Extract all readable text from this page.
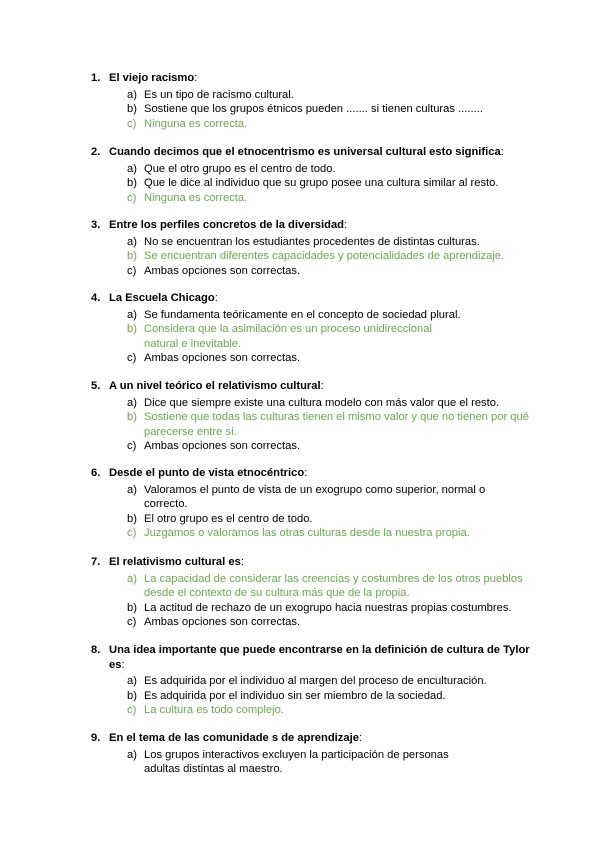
1. El viejo racismo:
a) Es un tipo de racismo cultural.
b) Sostiene que los grupos étnicos pueden ....... si tienen culturas ........
c) Ninguna es correcta.
2. Cuando decimos que el etnocentrismo es universal cultural esto significa:
a) Que el otro grupo es el centro de todo.
b) Que le dice al individuo que su grupo posee una cultura similar al resto.
c) Ninguna es correcta.
3. Entre los perfiles concretos de la diversidad:
a) No se encuentran los estudiantes procedentes de distintas culturas.
b) Se encuentran diferentes capacidades y potencialidades de aprendizaje.
c) Ambas opciones son correctas.
4. La Escuela Chicago:
a) Se fundamenta teóricamente en el concepto de sociedad plural.
b) Considera que la asimilación es un proceso unidireccional natural e inevitable.
c) Ambas opciones son correctas.
5. A un nivel teórico el relativismo cultural:
a) Dice que siempre existe una cultura modelo con más valor que el resto.
b) Sostiene que todas las culturas tienen el mismo valor y que no tienen por qué parecerse entre sí.
c) Ambas opciones son correctas.
6. Desde el punto de vista etnocéntrico:
a) Valoramos el punto de vista de un exogrupo como superior, normal o correcto.
b) El otro grupo es el centro de todo.
c) Juzgamos o valoramos las otras culturas desde la nuestra propia.
7. El relativismo cultural es:
a) La capacidad de considerar las creencias y costumbres de los otros pueblos desde el contexto de su cultura más que de la propia.
b) La actitud de rechazo de un exogrupo hacia nuestras propias costumbres.
c) Ambas opciones son correctas.
8. Una idea importante que puede encontrarse en la definición de cultura de Tylor es:
a) Es adquirida por el individuo al margen del proceso de enculturación.
b) Es adquirida por el individuo sin ser miembro de la sociedad.
c) La cultura es todo complejo.
9. En el tema de las comunidade s de aprendizaje:
a) Los grupos interactivos excluyen la participación de personas adultas distintas al maestro.
